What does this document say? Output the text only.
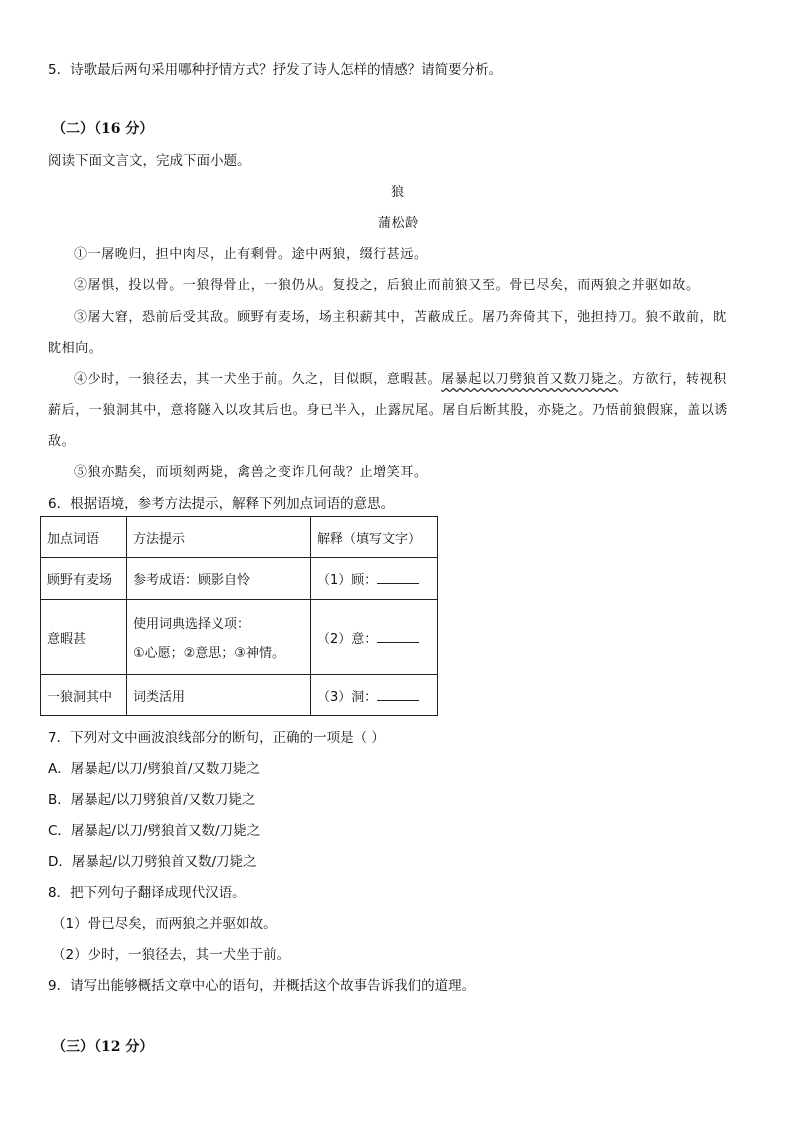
5．诗歌最后两句采用哪种抒情方式？抒发了诗人怎样的情感？请简要分析。
（二）（16 分）
阅读下面文言文，完成下面小题。
狼
蒲松龄
①一屠晚归，担中肉尽，止有剩骨。途中两狼，缀行甚远。
②屠惧，投以骨。一狼得骨止，一狼仍从。复投之，后狼止而前狼又至。骨已尽矣，而两狼之并驱如故。
③屠大窘，恐前后受其敌。顾野有麦场，场主积薪其中，苫蔽成丘。屠乃奔倚其下，弛担持刀。狼不敢前，眈
眈相向。
④少时，一狼径去，其一犬坐于前。久之，目似瞑，意暇甚。屠暴起以刀劈狼首又数刀毙之。方欲行，转视积
薪后，一狼洞其中，意将隧入以攻其后也。身已半入，止露尻尾。屠自后断其股，亦毙之。乃悟前狼假寐，盖以诱
敌。
⑤狼亦黠矣，而顷刻两毙，禽兽之变诈几何哉？止增笑耳。
6．根据语境，参考方法提示，解释下列加点词语的意思。
加点词语	方法提示	解释（填写文字）
顾野有麦场	参考成语：顾影自怜	（1）顾：
意暇甚	使用词典选择义项：
①心愿；②意思；③神情。	（2）意：
一狼洞其中	词类活用	（3）洞：
7．下列对文中画波浪线部分的断句，正确的一项是（ ）
A．屠暴起/以刀/劈狼首/又数刀毙之
B．屠暴起/以刀劈狼首/又数刀毙之
C．屠暴起/以刀/劈狼首又数/刀毙之
D．屠暴起/以刀劈狼首又数/刀毙之
8．把下列句子翻译成现代汉语。
（1）骨已尽矣，而两狼之并驱如故。
（2）少时，一狼径去，其一犬坐于前。
9．请写出能够概括文章中心的语句，并概括这个故事告诉我们的道理。
（三）（12 分）
